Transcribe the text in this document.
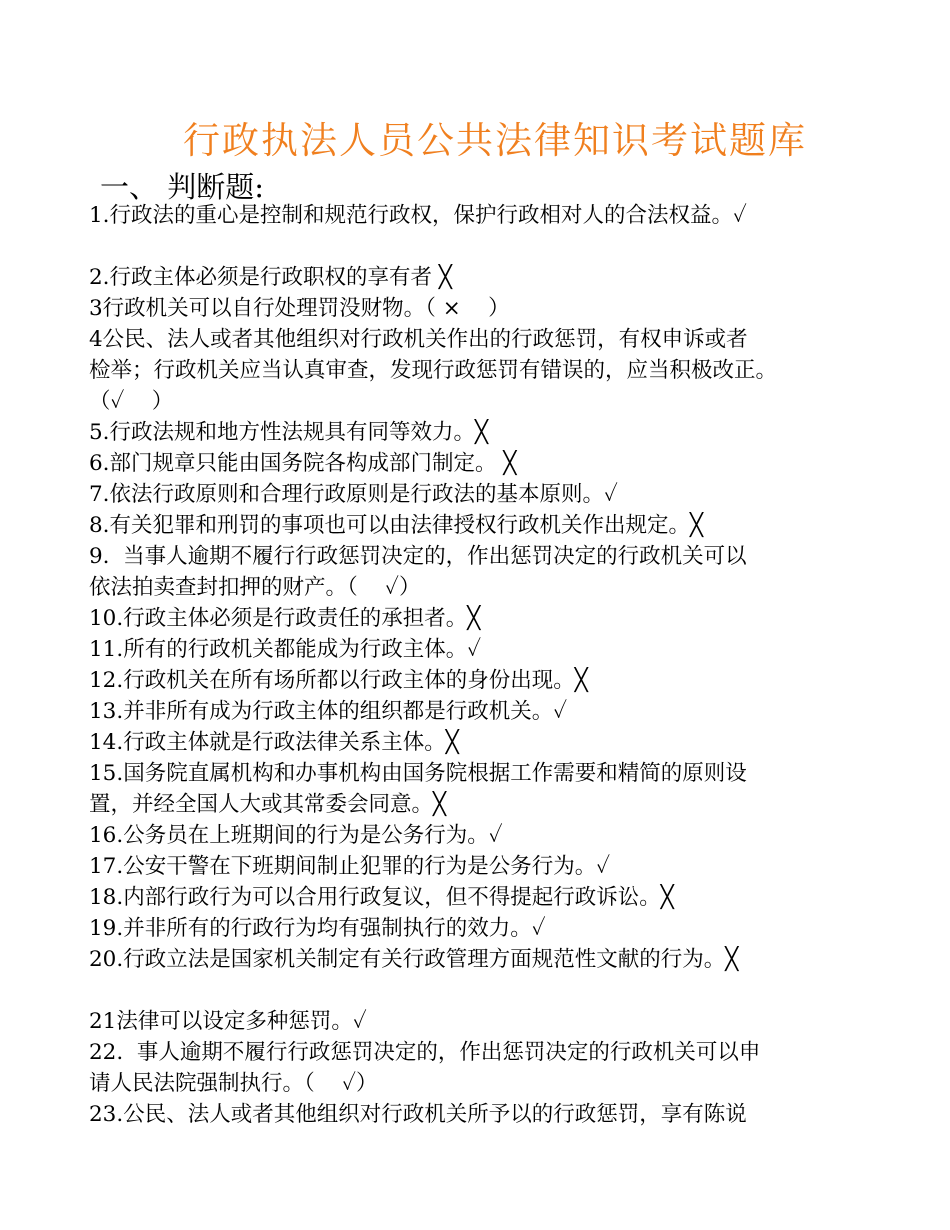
行政执法人员公共法律知识考试题库
一、 判断题:
1.行政法的重心是控制和规范行政权，保护行政相对人的合法权益。✓
2.行政主体必须是行政职权的享有者 ╳
3行政机关可以自行处理罚没财物。（ ×    ）
4公民、法人或者其他组织对行政机关作出的行政惩罚，有权申诉或者
检举；行政机关应当认真审查，发现行政惩罚有错误的，应当积极改正。
（✓    ）
5.行政法规和地方性法规具有同等效力。╳
6.部门规章只能由国务院各构成部门制定。 ╳
7.依法行政原则和合理行政原则是行政法的基本原则。✓
8.有关犯罪和刑罚的事项也可以由法律授权行政机关作出规定。╳
9.  当事人逾期不履行行政惩罚决定的，作出惩罚决定的行政机关可以
依法拍卖查封扣押的财产。（    ✓）
10.行政主体必须是行政责任的承担者。╳
11.所有的行政机关都能成为行政主体。✓
12.行政机关在所有场所都以行政主体的身份出现。╳
13.并非所有成为行政主体的组织都是行政机关。✓
14.行政主体就是行政法律关系主体。╳
15.国务院直属机构和办事机构由国务院根据工作需要和精简的原则设
置，并经全国人大或其常委会同意。╳
16.公务员在上班期间的行为是公务行为。✓
17.公安干警在下班期间制止犯罪的行为是公务行为。✓
18.内部行政行为可以合用行政复议，但不得提起行政诉讼。╳
19.并非所有的行政行为均有强制执行的效力。✓
20.行政立法是国家机关制定有关行政管理方面规范性文献的行为。╳
21法律可以设定多种惩罚。✓
22.  事人逾期不履行行政惩罚决定的，作出惩罚决定的行政机关可以申
请人民法院强制执行。（    ✓）
23.公民、法人或者其他组织对行政机关所予以的行政惩罚，享有陈说
